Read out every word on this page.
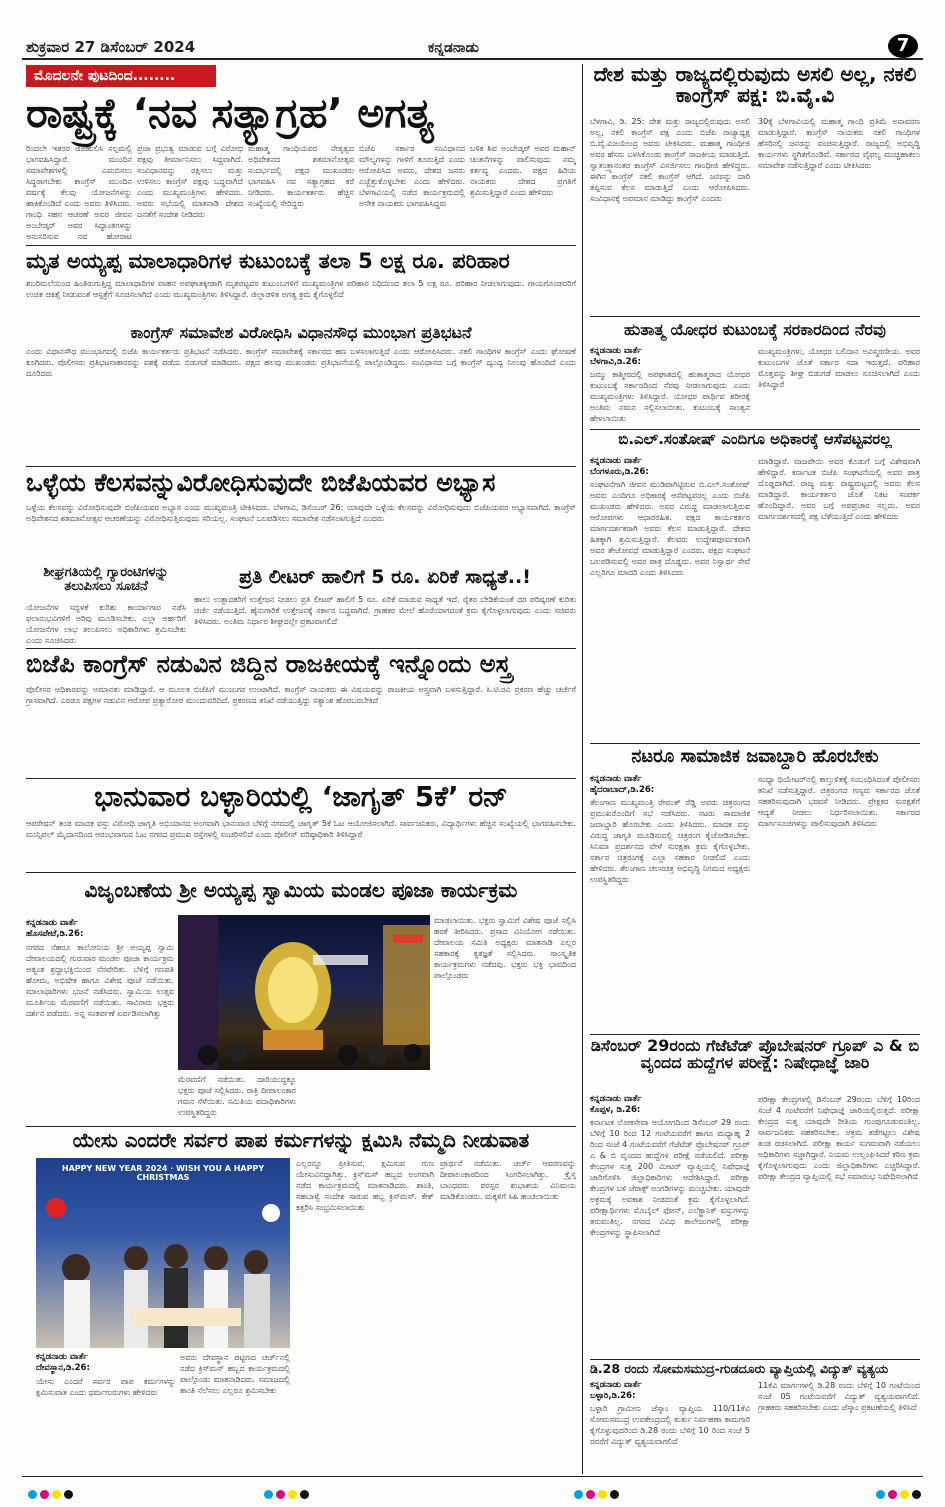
ಶುಕ್ರವಾರ 27 ಡಿಸೆಂಬರ್ 2024	ಕನ್ನಡನಾಡು	7
ಮೊದಲನೇ ಪುಟದಿಂದ........
ರಾಷ್ಟ್ರಕ್ಕೆ ‘ನವ ಸತ್ಯಾಗ್ರಹ’ ಅಗತ್ಯ
ರಿಂದಲೇ ಇತರರ ಜಿಜಿಹುಲಿಸಿ ಸಲ್ಪಮಲ್ಲಿ ಭಾಗವಹಿಸಿದ್ದಾರೆ. ಮುಂದಿನ ಸಮಾವೇಶಗಳಲ್ಲಿ ಎಮಬಿಸಲು ಸಿದ್ಧರಾಗಬೇಕು ಕಾಂಗ್ರೆಸ್ ಮುಂದಿನ ವರ್ಷಕ್ಕೆ ಕೆಲವು ಯೋಜನೆಗಳನ್ನು ಹಾಕಿಕೊಂಡಿದೆ ಎಂದು ಅವರು ತಿಳಿಸಿದರು. ಗಾಂಧಿ ಸಹನ ಆಚರಣೆ ಅವರ ಜೀವನ ಅಂಬೇಡ್ಕರ್ ಅವರ ಸಿದ್ಧಾಂತಗಳನ್ನು ಅನುಸರಿಸುವ ನವ ಹೋರಾಟ
ಪ್ರಜಾ ಪ್ರಭುತ್ವ ಮಾಡುವ ಬಗ್ಗೆ ವಿರೋಧ ಪಕ್ಷವು ತೀರ್ಮಾನಿಸಲು ಸಿದ್ಧವಾಗಿದೆ. ಸಂವಿಧಾನವನ್ನು ರಕ್ಷಿಸಲು ಮತ್ತು ಉಳಿಸಲು ಕಾಂಗ್ರೆಸ್ ಪಕ್ಷವು ಬದ್ಧವಾಗಿದೆ ಎಂದು ಮುಖ್ಯಮಂತ್ರಿಗಳು ಹೇಳಿದರು. ಅವರು ಸಭೆಯಲ್ಲಿ ಮಾತನಾಡಿ ದೇಶದ ಜನತೆಗೆ ಸಂದೇಶ ನೀಡಿದರು
ಮಹಾತ್ಮ ಗಾಂಧಿಯವರ ನೇತೃತ್ವದ ಅಧಿವೇಶನದ ಶತಮಾನೋತ್ಸವ ಸಂದರ್ಭದಲ್ಲಿ ಪಕ್ಷದ ಮುಖಂಡರು ಭಾಗವಹಿಸಿ ನವ ಸತ್ಯಾಗ್ರಹದ ಕರೆ ನೀಡಿದರು. ಕಾರ್ಯಕರ್ತರು ಹೆಚ್ಚಿನ ಸಂಖ್ಯೆಯಲ್ಲಿ ಸೇರಿದ್ದರು
ಬಿಜೆಪಿ ಸರ್ಕಾರ ಸಂವಿಧಾನದ ಮೌಲ್ಯಗಳನ್ನು ಗಾಳಿಗೆ ತೂರುತ್ತಿದೆ ಎಂದು ಆರೋಪಿಸಿದ ಅವರು, ದೇಶದ ಜನರು ಎಚ್ಚೆತ್ತುಕೊಳ್ಳಬೇಕು ಎಂದು ಹೇಳಿದರು. ಬೆಳಗಾವಿಯಲ್ಲಿ ನಡೆದ ಕಾರ್ಯಕ್ರಮದಲ್ಲಿ ಅನೇಕ ನಾಯಕರು ಭಾಗವಹಿಸಿದ್ದರು
ಬಳಿಕ ಶಿವ ಅಂಬೇಡ್ಕರ್ ಅವರ ಮಹಾನ್ ಚಿಂತನೆಗಳನ್ನು ಪಾಲಿಸುವುದು ನಮ್ಮ ಕರ್ತವ್ಯ ಎಂದರು. ಪಕ್ಷದ ಹಿರಿಯ ನಾಯಕರು ದೇಶದ ಪ್ರಗತಿಗೆ ಶ್ರಮಿಸುತ್ತಿದ್ದಾರೆ ಎಂದು ಹೇಳಿದರು
ಮೃತ ಅಯ್ಯಪ್ಪ ಮಾಲಾಧಾರಿಗಳ ಕುಟುಂಬಕ್ಕೆ ತಲಾ 5 ಲಕ್ಷ ರೂ. ಪರಿಹಾರ
ಶಬರಿಮಲೆಯಿಂದ ಹಿಂತಿರುಗುತ್ತಿದ್ದ ಮಾಲಾಧಾರಿಗಳ ವಾಹನ ಅಪಘಾತಕ್ಕೀಡಾಗಿ ಮೃತಪಟ್ಟವರ ಕುಟುಂಬಗಳಿಗೆ ಮುಖ್ಯಮಂತ್ರಿಗಳ ಪರಿಹಾರ ನಿಧಿಯಿಂದ ತಲಾ 5 ಲಕ್ಷ ರೂ. ಪರಿಹಾರ ನೀಡಲಾಗುವುದು. ಗಾಯಗೊಂಡವರಿಗೆ ಉಚಿತ ಚಿಕಿತ್ಸೆ ನೀಡುವಂತೆ ಆಸ್ಪತ್ರೆಗೆ ಸೂಚಿಸಲಾಗಿದೆ ಎಂದು ಮುಖ್ಯಮಂತ್ರಿಗಳು ತಿಳಿಸಿದ್ದಾರೆ. ಜಿಲ್ಲಾಡಳಿತ ಅಗತ್ಯ ಕ್ರಮ ಕೈಗೊಳ್ಳಲಿದೆ
ಕಾಂಗ್ರೆಸ್ ಸಮಾವೇಶ ವಿರೋಧಿಸಿ ವಿಧಾನಸೌಧ ಮುಂಭಾಗ ಪ್ರತಿಭಟನೆ
ಎಂದು ವಿಧಾನಸೌಧ ಮುಂಭಾಗದಲ್ಲಿ ಬಿಜೆಪಿ ಕಾರ್ಯಕರ್ತರು ಪ್ರತಿಭಟನೆ ನಡೆಸಿದರು. ಕಾಂಗ್ರೆಸ್ ಸಮಾವೇಶಕ್ಕೆ ಸರ್ಕಾರದ ಹಣ ಬಳಸಲಾಗುತ್ತಿದೆ ಎಂದು ಆರೋಪಿಸಿದರು. ನಕಲಿ ಗಾಂಧಿಗಳ ಕಾಂಗ್ರೆಸ್ ಎಂದು ಘೋಷಣೆ ಕೂಗಿದರು. ಪೊಲೀಸರು ಪ್ರತಿಭಟನಾಕಾರರನ್ನು ವಶಕ್ಕೆ ಪಡೆದು ಬಿಡುಗಡೆ ಮಾಡಿದರು. ಪಕ್ಷದ ಹಲವು ಮುಖಂಡರು ಪ್ರತಿಭಟನೆಯಲ್ಲಿ ಪಾಲ್ಗೊಂಡಿದ್ದರು. ಸಂವಿಧಾನದ ಬಗ್ಗೆ ಕಾಂಗ್ರೆಸ್ ದ್ವಂದ್ವ ನಿಲುವು ಹೊಂದಿದೆ ಎಂದು ದೂರಿದರು
ಒಳ್ಳೆಯ ಕೆಲಸವನ್ನುವಿರೋಧಿಸುವುದೇ ಬಿಜೆಪಿಯವರ ಅಭ್ಯಾಸ
ಒಳ್ಳೆಯ ಕೆಲಸವನ್ನು ವಿರೋಧಿಸುವುದೇ ಬಿಜೆಪಿಯವರ ಅಭ್ಯಾಸ ಎಂದು ಮುಖ್ಯಮಂತ್ರಿ ಟೀಕಿಸಿದರು. ಬೆಳಗಾವಿ, ಡಿಸೆಂಬರ್ 26: ಯಾವುದೇ ಒಳ್ಳೆಯ ಕೆಲಸವನ್ನು ವಿರೋಧಿಸುವುದು ಬಿಜೆಪಿಯವರ ಅಭ್ಯಾಸವಾಗಿದೆ. ಕಾಂಗ್ರೆಸ್ ಅಧಿವೇಶನದ ಶತಮಾನೋತ್ಸವ ಆಚರಣೆಯನ್ನು ವಿರೋಧಿಸುತ್ತಿರುವುದು ಸರಿಯಲ್ಲ. ಸಂಘಟನೆ ಬಲಪಡಿಸಲು ಸಮಾವೇಶ ನಡೆಸಲಾಗುತ್ತಿದೆ ಎಂದರು
ಶೀಘ್ರಗತಿಯಲ್ಲಿ ಗ್ಯಾರಂಟಿಗಳನ್ನು ತಲುಪಿಸಲು ಸೂಚನೆ
ಯೋಜನೆಗಳ ಸದ್ಬಳಕೆ ಕುರಿತು ಕಾರ್ಯಾಗಾರ ನಡೆಸಿ ಫಲಾನುಭವಿಗಳಿಗೆ ಅರಿವು ಮೂಡಿಸಬೇಕು. ಎಲ್ಲಾ ಅರ್ಹರಿಗೆ ಯೋಜನೆಗಳ ಲಾಭ ತಲುಪಿಸಲು ಅಧಿಕಾರಿಗಳು ಶ್ರಮಿಸಬೇಕು ಎಂದು ಸೂಚಿಸಿದರು
ಪ್ರತಿ ಲೀಟರ್ ಹಾಲಿಗೆ 5 ರೂ. ಏರಿಕೆ ಸಾಧ್ಯತೆ..!
ಹಾಲು ಉತ್ಪಾದಕರಿಗೆ ಉತ್ತೇಜನ ನೀಡಲು ಪ್ರತಿ ಲೀಟರ್ ಹಾಲಿಗೆ 5 ರೂ. ಏರಿಕೆ ಮಾಡುವ ಸಾಧ್ಯತೆ ಇದೆ. ರೈತರ ಬೇಡಿಕೆಯಂತೆ ದರ ಪರಿಷ್ಕರಣೆ ಕುರಿತು ಚರ್ಚೆ ನಡೆಯುತ್ತಿದೆ. ಹೈನುಗಾರಿಕೆ ಉತ್ತೇಜನಕ್ಕೆ ಸರ್ಕಾರ ಬದ್ಧವಾಗಿದೆ. ಗ್ರಾಹಕರ ಮೇಲೆ ಹೊರೆಯಾಗದಂತೆ ಕ್ರಮ ಕೈಗೊಳ್ಳಲಾಗುವುದು ಎಂದು ಸಚಿವರು ತಿಳಿಸಿದರು. ಅಂತಿಮ ನಿರ್ಧಾರ ಶೀಘ್ರದಲ್ಲೇ ಪ್ರಕಟವಾಗಲಿದೆ
ಬಿಜೆಪಿ ಕಾಂಗ್ರೆಸ್ ನಡುವಿನ ಜಿದ್ದಿನ ರಾಜಕೀಯಕ್ಕೆ ಇನ್ನೊಂದು ಅಸ್ತ್ರ
ಪೊಲೀಸರ ಅಧಿಕಾರವನ್ನು ಅಮಾನತು ಮಾಡಿದ್ದಾರೆ. ಆ ಮೂಲಕ ಬಿಜೆಪಿಗೆ ಮುಜುಗರ ಉಂಟಾಗಿದೆ. ಕಾಂಗ್ರೆಸ್ ನಾಯಕರು ಈ ವಿಷಯವನ್ನು ರಾಜಕೀಯ ಅಸ್ತ್ರವಾಗಿ ಬಳಸುತ್ತಿದ್ದಾರೆ. ಸಿ.ಟಿ.ರವಿ ಪ್ರಕರಣ ಹೆಚ್ಚು ಚರ್ಚೆಗೆ ಗ್ರಾಸವಾಗಿದೆ. ಎರಡೂ ಪಕ್ಷಗಳ ನಡುವಿನ ಆರೋಪ ಪ್ರತ್ಯಾರೋಪ ಮುಂದುವರಿದಿದೆ. ಪ್ರಕರಣದ ತನಿಖೆ ನಡೆಯುತ್ತಿದ್ದು ಸತ್ಯಾಂಶ ಹೊರಬರಬೇಕಿದೆ
ಭಾನುವಾರ ಬಳ್ಳಾರಿಯಲ್ಲಿ ‘ಜಾಗೃತ್ 5ಕೆ’ ರನ್
ಆಪರೇಷನ್ ತಂಡ ಮಾದಕ ವಸ್ತು ವಿರೋಧಿ ಜಾಗೃತಿ ಅಭಿಯಾನದ ಅಂಗವಾಗಿ ಭಾನುವಾರ ಬೆಳಿಗ್ಗೆ ನಗರದಲ್ಲಿ ಜಾಗೃತ್ 5ಕೆ ಓಟ ಆಯೋಜಿಸಲಾಗಿದೆ. ಸಾರ್ವಜನಿಕರು, ವಿದ್ಯಾರ್ಥಿಗಳು ಹೆಚ್ಚಿನ ಸಂಖ್ಯೆಯಲ್ಲಿ ಭಾಗವಹಿಸಬೇಕು. ಮುನ್ಸಿಪಲ್ ಮೈದಾನದಿಂದ ಆರಂಭವಾಗುವ ಓಟ ನಗರದ ಪ್ರಮುಖ ರಸ್ತೆಗಳಲ್ಲಿ ಸಂಚರಿಸಲಿದೆ ಎಂದು ಪೊಲೀಸ್ ವರಿಷ್ಠಾಧಿಕಾರಿ ತಿಳಿಸಿದ್ದಾರೆ
ವಿಜೃಂಬಣೆಯ ಶ್ರೀ ಅಯ್ಯಪ್ಪ ಸ್ವಾಮಿಯ ಮಂಡಲ ಪೂಜಾ ಕಾರ್ಯಕ್ರಮ
ಕನ್ನಡನಾಡು ವಾರ್ತೆ
ಹೊಸಪೇಟೆ,ಡಿ.26:
ನಗರದ ನೆಹರೂ ಕಾಲೋನಿಯ ಶ್ರೀ ಅಯ್ಯಪ್ಪ ಸ್ವಾಮಿ ದೇವಾಲಯದಲ್ಲಿ ಗುರುವಾರ ಮಂಡಲ ಪೂಜಾ ಕಾರ್ಯಕ್ರಮ ಅತ್ಯಂತ ಶ್ರದ್ಧಾಭಕ್ತಿಯಿಂದ ನೆರವೇರಿತು. ಬೆಳಿಗ್ಗೆ ಗಣಪತಿ ಹೋಮ, ಅಭಿಷೇಕ ಹಾಗೂ ವಿಶೇಷ ಪೂಜೆ ನಡೆಯಿತು. ಮಾಲಾಧಾರಿಗಳು ಭಜನೆ ನಡೆಸಿದರು. ಸ್ವಾಮಿಯ ಉತ್ಸವ ಮೂರ್ತಿಯ ಮೆರವಣಿಗೆ ನಡೆಯಿತು. ಸಾವಿರಾರು ಭಕ್ತರು ದರ್ಶನ ಪಡೆದರು. ಅನ್ನ ಸಂತರ್ಪಣೆ ಏರ್ಪಡಿಸಲಾಗಿತ್ತು
ಮೆರವಣಿಗೆ ನಡೆಯಿತು. ದಾರಿಯುದ್ದಕ್ಕೂ ಭಕ್ತರು ಪೂಜೆ ಸಲ್ಲಿಸಿದರು. ರಾತ್ರಿ ದೀಪಾಲಂಕಾರ ಗಮನ ಸೆಳೆಯಿತು. ಸಮಿತಿಯ ಪದಾಧಿಕಾರಿಗಳು ಉಪಸ್ಥಿತರಿದ್ದರು
ಮಾಡಲಾಯಿತು. ಭಕ್ತರು ಸ್ವಾಮಿಗೆ ವಿಶೇಷ ಪೂಜೆ ಸಲ್ಲಿಸಿ ಹರಕೆ ತೀರಿಸಿದರು. ಪ್ರಸಾದ ವಿನಿಯೋಗ ನಡೆಯಿತು. ದೇವಾಲಯ ಸಮಿತಿ ಅಧ್ಯಕ್ಷರು ಮಾತನಾಡಿ ಎಲ್ಲರ ಸಹಕಾರಕ್ಕೆ ಕೃತಜ್ಞತೆ ಸಲ್ಲಿಸಿದರು. ಸಾಂಸ್ಕೃತಿಕ ಕಾರ್ಯಕ್ರಮಗಳು ನಡೆದವು. ಭಕ್ತರು ಭಕ್ತಿ ಭಾವದಿಂದ ಪಾಲ್ಗೊಂಡರು
ಯೇಸು ಎಂದರೇ ಸರ್ವರ ಪಾಪ ಕರ್ಮಗಳನ್ನು ಕ್ಷಮಿಸಿ ನೆಮ್ಮದಿ ನೀಡುವಾತ
HAPPY NEW YEAR 2024 · WISH YOU A HAPPY CHRISTMAS
ಕನ್ನಡನಾಡು ವಾರ್ತೆ
ದೇವಸ್ಥಾನ,ಡಿ.26:
ಯೇಸು ಎಂದರೆ ಸರ್ವರ ಪಾಪ ಕರ್ಮಗಳನ್ನು ಕ್ಷಮಿಸುವಾತ ಎಂದು ಧರ್ಮಗುರುಗಳು ಹೇಳಿದರು
ಅವರು ದೇವಸ್ಥಾನ ಪಟ್ಟಣದ ಚರ್ಚ್‌ನಲ್ಲಿ ನಡೆದ ಕ್ರಿಸ್‌ಮಸ್ ಹಬ್ಬದ ಕಾರ್ಯಕ್ರಮದಲ್ಲಿ ಪಾಲ್ಗೊಂಡು ಮಾತನಾಡಿದರು. ಸಮಾಜದಲ್ಲಿ ಶಾಂತಿ ನೆಲೆಸಲು ಎಲ್ಲರೂ ಶ್ರಮಿಸಬೇಕು
ಎಲ್ಲರನ್ನೂ ಪ್ರೀತಿಸುವ, ಕ್ಷಮಿಸುವ ಗುಣ ಯೇಸುವಿನದ್ದಾಗಿತ್ತು. ಕ್ರಿಸ್‌ಮಸ್ ಹಬ್ಬದ ಅಂಗವಾಗಿ ನಡೆದ ಕಾರ್ಯಕ್ರಮದಲ್ಲಿ ಮಾತನಾಡಿದರು. ಶಾಂತಿ, ಸಹಬಾಳ್ವೆ ಸಂದೇಶ ಸಾರುವ ಹಬ್ಬ ಕ್ರಿಸ್‌ಮಸ್. ಕೇಕ್ ಕತ್ತರಿಸಿ ಸಂಭ್ರಮಿಸಲಾಯಿತು
ಪ್ರಾರ್ಥನೆ ನಡೆಯಿತು. ಚರ್ಚ್ ಆವರಣವನ್ನು ದೀಪಾಲಂಕಾರದಿಂದ ಸಿಂಗರಿಸಲಾಗಿತ್ತು. ಕ್ರೈಸ್ತ ಬಾಂಧವರು ಪರಸ್ಪರ ಶುಭಾಶಯ ವಿನಿಮಯ ಮಾಡಿಕೊಂಡರು. ಮಕ್ಕಳಿಗೆ ಸಿಹಿ ಹಂಚಲಾಯಿತು
ದೇಶ ಮತ್ತು ರಾಜ್ಯದಲ್ಲಿರುವುದು ಅಸಲಿ ಅಲ್ಲ, ನಕಲಿ ಕಾಂಗ್ರೆಸ್ ಪಕ್ಷ: ಬಿ.ವೈ.ವಿ
ಬೆಳಗಾವಿ, ಡಿ. 25: ದೇಶ ಮತ್ತು ರಾಜ್ಯದಲ್ಲಿರುವುದು ಅಸಲಿ ಅಲ್ಲ, ನಕಲಿ ಕಾಂಗ್ರೆಸ್ ಪಕ್ಷ ಎಂದು ಬಿಜೆಪಿ ರಾಜ್ಯಾಧ್ಯಕ್ಷ ಬಿ.ವೈ.ವಿಜಯೇಂದ್ರ ಅವರು ಟೀಕಿಸಿದರು. ಮಹಾತ್ಮ ಗಾಂಧೀಜಿ ಅವರ ಹೆಸರು ಬಳಸಿಕೊಂಡು ಕಾಂಗ್ರೆಸ್ ರಾಜಕೀಯ ಮಾಡುತ್ತಿದೆ. ಸ್ವಾತಂತ್ರ್ಯಾನಂತರ ಕಾಂಗ್ರೆಸ್ ವಿಸರ್ಜಿಸಲು ಗಾಂಧೀಜಿ ಹೇಳಿದ್ದರು. ಈಗಿನ ಕಾಂಗ್ರೆಸ್ ನಕಲಿ ಕಾಂಗ್ರೆಸ್ ಆಗಿದೆ. ಜನರನ್ನು ದಾರಿ ತಪ್ಪಿಸುವ ಕೆಲಸ ಮಾಡುತ್ತಿದೆ ಎಂದು ಆರೋಪಿಸಿದರು. ಸಂವಿಧಾನಕ್ಕೆ ಅಪಮಾನ ಮಾಡಿದ್ದು ಕಾಂಗ್ರೆಸ್ ಎಂದರು
30ಕ್ಕೆ ಬೆಳಗಾವಿಯಲ್ಲಿ ಮಹಾತ್ಮ ಗಾಂಧಿ ಪ್ರತಿಮೆ ಅನಾವರಣ ಮಾಡುತ್ತಿದ್ದಾರೆ. ಕಾಂಗ್ರೆಸ್ ನಾಯಕರು ನಕಲಿ ಗಾಂಧಿಗಳ ಹೆಸರಿನಲ್ಲಿ ಜನರನ್ನು ವಂಚಿಸುತ್ತಿದ್ದಾರೆ. ರಾಜ್ಯದಲ್ಲಿ ಅಭಿವೃದ್ಧಿ ಕಾರ್ಯಗಳು ಸ್ಥಗಿತಗೊಂಡಿವೆ. ಸರ್ಕಾರದ ವೈಫಲ್ಯ ಮುಚ್ಚಿಹಾಕಲು ಸಮಾವೇಶ ನಡೆಸುತ್ತಿದ್ದಾರೆ ಎಂದು ಟೀಕಿಸಿದರು
ಹುತಾತ್ಮ ಯೋಧರ ಕುಟುಂಬಕ್ಕೆ ಸರಕಾರದಿಂದ ನೆರವು
ಕನ್ನಡನಾಡು ವಾರ್ತೆ
ಬೆಳಗಾವಿ,ಡಿ.26:
ಜಮ್ಮು ಕಾಶ್ಮೀರದಲ್ಲಿ ಅಪಘಾತದಲ್ಲಿ ಹುತಾತ್ಮರಾದ ಯೋಧರ ಕುಟುಂಬಕ್ಕೆ ಸರ್ಕಾರದಿಂದ ನೆರವು ನೀಡಲಾಗುವುದು ಎಂದು ಮುಖ್ಯಮಂತ್ರಿಗಳು ತಿಳಿಸಿದ್ದಾರೆ. ಯೋಧರ ಪಾರ್ಥಿವ ಶರೀರಕ್ಕೆ ಅಂತಿಮ ನಮನ ಸಲ್ಲಿಸಲಾಯಿತು. ಕುಟುಂಬಕ್ಕೆ ಸಾಂತ್ವನ ಹೇಳಲಾಯಿತು
ಮುಖ್ಯಮಂತ್ರಿಗಳು, ಯೋಧರ ಬಲಿದಾನ ಅವಿಸ್ಮರಣೀಯ. ಅವರ ಕುಟುಂಬಗಳ ಜೊತೆ ಸರ್ಕಾರ ಸದಾ ಇರುತ್ತದೆ. ಪರಿಹಾರ ಮೊತ್ತವನ್ನು ಶೀಘ್ರ ಬಿಡುಗಡೆ ಮಾಡಲು ಸೂಚಿಸಲಾಗಿದೆ ಎಂದು ತಿಳಿಸಿದ್ದಾರೆ
ಬಿ.ಎಲ್.ಸಂತೋಷ್ ಎಂದಿಗೂ ಅಧಿಕಾರಕ್ಕೆ ಆಸೆಪಟ್ಟವರಲ್ಲ
ಕನ್ನಡನಾಡು ವಾರ್ತೆ
ಬೆಂಗಳೂರು,ಡಿ.26:
ಸಂಘಟನೆಗಾಗಿ ಜೀವನ ಮುಡಿಪಾಗಿಟ್ಟಿರುವ ಬಿ.ಎಲ್.ಸಂತೋಷ್ ಅವರು ಎಂದಿಗೂ ಅಧಿಕಾರಕ್ಕೆ ಆಸೆಪಟ್ಟವರಲ್ಲ ಎಂದು ಬಿಜೆಪಿ ಮುಖಂಡರು ಹೇಳಿದರು. ಅವರ ವಿರುದ್ಧ ಮಾಡಲಾಗುತ್ತಿರುವ ಆರೋಪಗಳು ಆಧಾರರಹಿತ. ಪಕ್ಷದ ಕಾರ್ಯಕರ್ತರ ಮಾರ್ಗದರ್ಶಕರಾಗಿ ಅವರು ಕೆಲಸ ಮಾಡುತ್ತಿದ್ದಾರೆ. ದೇಶದ ಹಿತಕ್ಕಾಗಿ ಶ್ರಮಿಸುತ್ತಿದ್ದಾರೆ. ಕೆಲವರು ಉದ್ದೇಶಪೂರ್ವಕವಾಗಿ ಅವರ ತೇಜೋವಧೆ ಮಾಡುತ್ತಿದ್ದಾರೆ ಎಂದರು. ಪಕ್ಷದ ಸಂಘಟನೆ ಬಲಪಡಿಸುವಲ್ಲಿ ಅವರ ಪಾತ್ರ ದೊಡ್ಡದು. ಅವರ ನಿಸ್ವಾರ್ಥ ಸೇವೆ ಎಲ್ಲರಿಗೂ ಮಾದರಿ ಎಂದು ತಿಳಿಸಿದರು
ಮಾಡಿದ್ದಾರೆ. ವಾಜಪೇಯಿ ಅವರ ಕೊಡುಗೆ ಬಗ್ಗೆ ವಿಶೇಷವಾಗಿ ಹೇಳಿದ್ದಾರೆ. ಕರ್ನಾಟಕ ಬಿಜೆಪಿ ಸಂಘಟನೆಯಲ್ಲಿ ಅವರ ಪಾತ್ರ ದೊಡ್ಡದಾಗಿದೆ. ರಾಜ್ಯ ಮತ್ತು ರಾಷ್ಟ್ರಮಟ್ಟದಲ್ಲಿ ಅವರು ಕೆಲಸ ಮಾಡಿದ್ದಾರೆ. ಕಾರ್ಯಕರ್ತರ ಜೊತೆ ನಿಕಟ ಸಂಪರ್ಕ ಹೊಂದಿದ್ದಾರೆ. ಅವರ ಬಗ್ಗೆ ಅಪಪ್ರಚಾರ ಸಲ್ಲದು. ಅವರ ಮಾರ್ಗದರ್ಶನದಲ್ಲಿ ಪಕ್ಷ ಬೆಳೆಯುತ್ತಿದೆ ಎಂದು ಹೇಳಿದರು
ನಟರೂ ಸಾಮಾಜಿಕ ಜವಾಬ್ದಾರಿ ಹೊರಬೇಕು
ಕನ್ನಡನಾಡು ವಾರ್ತೆ
ಹೈದರಾಬಾದ್,ಡಿ.26:
ತೆಲಂಗಾಣ ಮುಖ್ಯಮಂತ್ರಿ ರೇವಂತ್ ರೆಡ್ಡಿ ಅವರು ಚಿತ್ರರಂಗದ ಪ್ರಮುಖರೊಂದಿಗೆ ಸಭೆ ನಡೆಸಿದರು. ನಟರು ಸಾಮಾಜಿಕ ಜವಾಬ್ದಾರಿ ಹೊರಬೇಕು ಎಂದು ತಿಳಿಸಿದರು. ಮಾದಕ ವಸ್ತು ವಿರುದ್ಧ ಜಾಗೃತಿ ಮೂಡಿಸುವಲ್ಲಿ ಚಿತ್ರರಂಗ ಕೈಜೋಡಿಸಬೇಕು. ಸಿನಿಮಾ ಪ್ರದರ್ಶನದ ವೇಳೆ ಸುರಕ್ಷತಾ ಕ್ರಮ ಕೈಗೊಳ್ಳಬೇಕು. ಸರ್ಕಾರ ಚಿತ್ರರಂಗಕ್ಕೆ ಎಲ್ಲಾ ಸಹಕಾರ ನೀಡಲಿದೆ ಎಂದು ಹೇಳಿದರು. ತೆಲಂಗಾಣ ಚಲನಚಿತ್ರ ಅಭಿವೃದ್ಧಿ ನಿಗಮದ ಅಧ್ಯಕ್ಷರು ಉಪಸ್ಥಿತರಿದ್ದರು
ಸಂಧ್ಯಾ ಥಿಯೇಟರ್‌ನಲ್ಲಿ ಕಾಲ್ತುಳಿತಕ್ಕೆ ಸಂಬಂಧಿಸಿದಂತೆ ಪೊಲೀಸರು ತನಿಖೆ ನಡೆಸುತ್ತಿದ್ದಾರೆ. ಚಿತ್ರರಂಗದ ಗಣ್ಯರು ಸರ್ಕಾರದ ಜೊತೆ ಸಹಕರಿಸುವುದಾಗಿ ಭರವಸೆ ನೀಡಿದರು. ಪ್ರೇಕ್ಷಕರ ಸುರಕ್ಷತೆಗೆ ಆದ್ಯತೆ ನೀಡಲು ನಿರ್ಧರಿಸಲಾಯಿತು. ಸರ್ಕಾರದ ಮಾರ್ಗಸೂಚಿಗಳನ್ನು ಪಾಲಿಸುವುದಾಗಿ ತಿಳಿಸಿದರು
ಡಿಸೆಂಬರ್ 29ರಂದು ಗೆಜೆಟೆಡ್ ಪ್ರೊಬೇಷನರ್ ಗ್ರೂಪ್ ಎ & ಬಿ ವೃಂದದ ಹುದ್ದೆಗಳ ಪರೀಕ್ಷೆ: ನಿಷೇಧಾಜ್ಞೆ ಜಾರಿ
ಕನ್ನಡನಾಡು ವಾರ್ತೆ
ಕೊಪ್ಪಳ, ಡಿ.26:
ಕರ್ನಾಟಕ ಲೋಕಸೇವಾ ಆಯೋಗದಿಂದ ಡಿಸೆಂಬರ್ 29 ರಂದು ಬೆಳಿಗ್ಗೆ 10 ರಿಂದ 12 ಗಂಟೆಯವರೆಗೆ ಹಾಗೂ ಮಧ್ಯಾಹ್ನ 2 ರಿಂದ ಸಂಜೆ 4 ಗಂಟೆಯವರೆಗೆ ಗೆಜೆಟೆಡ್ ಪ್ರೊಬೇಷನರ್ ಗ್ರೂಪ್ ಎ & ಬಿ ವೃಂದದ ಹುದ್ದೆಗಳ ಪರೀಕ್ಷೆ ನಡೆಯಲಿದೆ. ಪರೀಕ್ಷಾ ಕೇಂದ್ರಗಳ ಸುತ್ತ 200 ಮೀಟರ್ ವ್ಯಾಪ್ತಿಯಲ್ಲಿ ನಿಷೇಧಾಜ್ಞೆ ಜಾರಿಗೊಳಿಸಿ ಜಿಲ್ಲಾಧಿಕಾರಿಗಳು ಆದೇಶಿಸಿದ್ದಾರೆ. ಪರೀಕ್ಷಾ ಕೇಂದ್ರಗಳ ಬಳಿ ಜೆರಾಕ್ಸ್ ಅಂಗಡಿಗಳನ್ನು ಮುಚ್ಚಬೇಕು. ಯಾವುದೇ ಅಕ್ರಮಕ್ಕೆ ಅವಕಾಶ ನೀಡದಂತೆ ಕ್ರಮ ಕೈಗೊಳ್ಳಲಾಗಿದೆ. ಪರೀಕ್ಷಾರ್ಥಿಗಳು ಮೊಬೈಲ್ ಫೋನ್, ಎಲೆಕ್ಟ್ರಾನಿಕ್ ವಸ್ತುಗಳನ್ನು ತರುವಂತಿಲ್ಲ. ನಗರದ ವಿವಿಧ ಕಾಲೇಜುಗಳಲ್ಲಿ ಪರೀಕ್ಷಾ ಕೇಂದ್ರಗಳನ್ನು ಸ್ಥಾಪಿಸಲಾಗಿದೆ
ಪರೀಕ್ಷಾ ಕೇಂದ್ರಗಳಲ್ಲಿ ಡಿಸೆಂಬರ್ 29ರಂದು ಬೆಳಿಗ್ಗೆ 10ರಿಂದ ಸಂಜೆ 4 ಗಂಟೆವರೆಗೆ ನಿಷೇಧಾಜ್ಞೆ ಜಾರಿಯಲ್ಲಿರುತ್ತದೆ. ಪರೀಕ್ಷಾ ಕೇಂದ್ರದ ಸುತ್ತ ಯಾವುದೇ ರೀತಿಯ ಗುಂಪುಗೂಡುವಂತಿಲ್ಲ. ಸಾರ್ವಜನಿಕರು ಸಹಕರಿಸಬೇಕು. ಅಕ್ರಮ ತಡೆಗಟ್ಟಲು ವಿಶೇಷ ತಂಡ ರಚಿಸಲಾಗಿದೆ. ಪರೀಕ್ಷಾ ಕಾರ್ಯ ಸುಗಮವಾಗಿ ನಡೆಯಲು ಅಧಿಕಾರಿಗಳು ಸಜ್ಜಾಗಿದ್ದಾರೆ. ನಿಯಮ ಉಲ್ಲಂಘಿಸಿದರೆ ಕಠಿಣ ಕ್ರಮ ಕೈಗೊಳ್ಳಲಾಗುವುದು ಎಂದು ಜಿಲ್ಲಾಧಿಕಾರಿಗಳು ಎಚ್ಚರಿಸಿದ್ದಾರೆ. ಪರೀಕ್ಷಾ ಕೇಂದ್ರದ ವ್ಯಾಪ್ತಿಯಲ್ಲಿ ಸಭೆ ಸಮಾರಂಭ ನಿಷೇಧಿಸಲಾಗಿದೆ
ಡಿ.28 ರಂದು ಸೋಮಸಮುದ್ರ-ಗುಡದೂರು ವ್ಯಾಪ್ತಿಯಲ್ಲಿ ವಿದ್ಯುತ್ ವ್ಯತ್ಯಯ
ಕನ್ನಡನಾಡು ವಾರ್ತೆ
ಬಳ್ಳಾರಿ,ಡಿ.26:
ಬಳ್ಳಾರಿ ಗ್ರಾಮೀಣ ಜೆಸ್ಕಾಂ ವ್ಯಾಪ್ತಿಯ 110/11ಕೆವಿ ಸೋಮಸಮುದ್ರ ಉಪಕೇಂದ್ರದಲ್ಲಿ ತುರ್ತು ನಿರ್ವಹಣಾ ಕಾಮಗಾರಿ ಕೈಗೊಳ್ಳುವುದರಿಂದ ಡಿ.28 ರಂದು ಬೆಳಿಗ್ಗೆ 10 ರಿಂದ ಸಂಜೆ 5 ರವರೆಗೆ ವಿದ್ಯುತ್ ವ್ಯತ್ಯಯವಾಗಲಿದೆ
11ಕೆವಿ ಮಾರ್ಗಗಳಲ್ಲಿ ಡಿ.28 ರಂದು ಬೆಳಿಗ್ಗೆ 10 ಗಂಟೆಯಿಂದ ಸಂಜೆ 05 ಗಂಟೆಯವರೆಗೆ ವಿದ್ಯುತ್ ವ್ಯತ್ಯಯವಾಗಲಿದೆ. ಗ್ರಾಹಕರು ಸಹಕರಿಸಬೇಕು ಎಂದು ಜೆಸ್ಕಾಂ ಪ್ರಕಟಣೆಯಲ್ಲಿ ತಿಳಿಸಿದೆ
